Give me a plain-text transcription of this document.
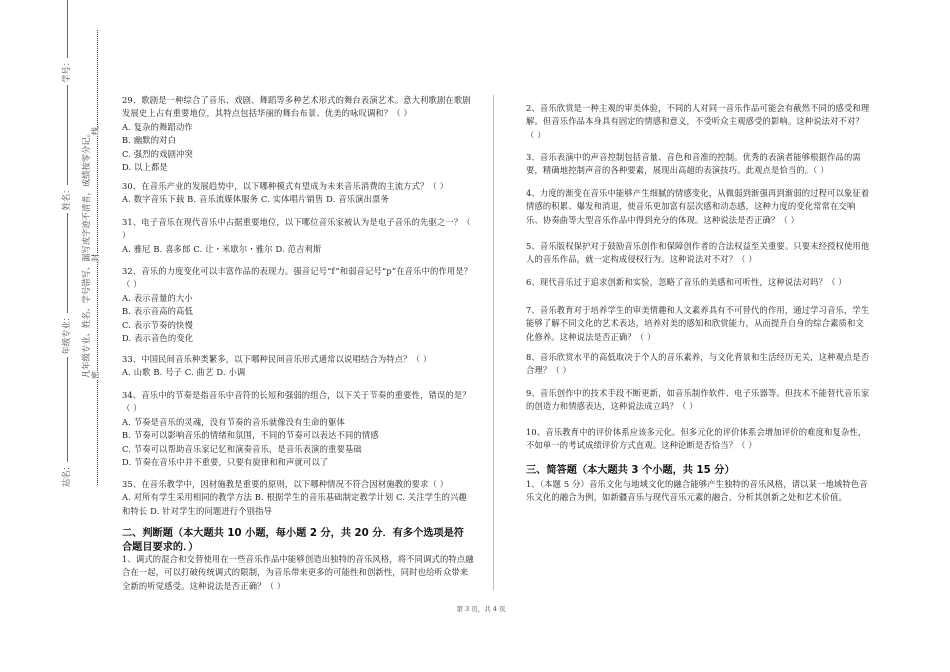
站名： 年级专业： 姓名： 学号：
凡年级专业、姓名、学号错写、漏写或字迹不清者，成绩按零分记。 密
封
线
29、歌剧是一种综合了音乐、戏剧、舞蹈等多种艺术形式的舞台表演艺术。意大利歌剧在歌剧发展史上占有重要地位，其特点包括华丽的舞台布景、优美的咏叹调和？（ ）
A. 复杂的舞蹈动作
B. 幽默的对白
C. 强烈的戏剧冲突
D. 以上都是
30、在音乐产业的发展趋势中，以下哪种模式有望成为未来音乐消费的主流方式？（ ）
A. 数字音乐下载 B. 音乐流媒体服务 C. 实体唱片销售 D. 音乐演出票务
31、电子音乐在现代音乐中占据重要地位，以下哪位音乐家被认为是电子音乐的先驱之一？（ ）
A. 雅尼 B. 喜多郎 C. 让・米歇尔・雅尔 D. 范吉利斯
32、音乐的力度变化可以丰富作品的表现力。强音记号“f”和弱音记号“p”在音乐中的作用是？（ ）
A. 表示音量的大小
B. 表示音高的高低
C. 表示节奏的快慢
D. 表示音色的变化
33、中国民间音乐种类繁多，以下哪种民间音乐形式通常以说唱结合为特点？（ ）
A. 山歌 B. 号子 C. 曲艺 D. 小调
34、音乐中的节奏是指音乐中音符的长短和强弱的组合，以下关于节奏的重要性，错误的是？（ ）
A. 节奏是音乐的灵魂，没有节奏的音乐就像没有生命的躯体
B. 节奏可以影响音乐的情绪和氛围，不同的节奏可以表达不同的情感
C. 节奏可以帮助音乐家记忆和演奏音乐，是音乐表演的重要基础
D. 节奏在音乐中并不重要，只要有旋律和和声就可以了
35、在音乐教学中，因材施教是重要的原则，以下哪种情况不符合因材施教的要求（ ）
A. 对所有学生采用相同的教学方法 B. 根据学生的音乐基础制定教学计划 C. 关注学生的兴趣和特长 D. 针对学生的问题进行个别指导
二、判断题（本大题共 10 小题，每小题 2 分，共 20 分．有多个选项是符合题目要求的．）
1、调式的混合和交替使用在一些音乐作品中能够创造出独特的音乐风格，将不同调式的特点融合在一起，可以打破传统调式的限制，为音乐带来更多的可能性和创新性，同时也给听众带来全新的听觉感受。这种说法是否正确？（ ）
2、音乐欣赏是一种主观的审美体验，不同的人对同一音乐作品可能会有截然不同的感受和理解。但音乐作品本身具有固定的情感和意义，不受听众主观感受的影响。这种说法对不对？（ ）
3、音乐表演中的声音控制包括音量、音色和音准的控制。优秀的表演者能够根据作品的需要，精确地控制声音的各种要素，展现出高超的表演技巧。此观点是恰当的。（ ）
4、力度的渐变在音乐中能够产生细腻的情感变化，从微弱到渐强再到渐弱的过程可以象征着情感的积累、爆发和消退，使音乐更加富有层次感和动态感，这种力度的变化常常在交响乐、协奏曲等大型音乐作品中得到充分的体现。这种说法是否正确？（ ）
5、音乐版权保护对于鼓励音乐创作和保障创作者的合法权益至关重要。只要未经授权使用他人的音乐作品，就一定构成侵权行为。这种说法对不对？（ ）
6、现代音乐过于追求创新和实验，忽略了音乐的美感和可听性，这种说法对吗？（ ）
7、音乐教育对于培养学生的审美情趣和人文素养具有不可替代的作用，通过学习音乐，学生能够了解不同文化的艺术表达，培养对美的感知和欣赏能力，从而提升自身的综合素质和文化修养。这种说法是否正确？（ ）
8、音乐欣赏水平的高低取决于个人的音乐素养，与文化背景和生活经历无关，这种观点是否合理？（ ）
9、音乐创作中的技术手段不断更新，如音乐制作软件、电子乐器等。但技术不能替代音乐家的创造力和情感表达，这种说法成立吗？（ ）
10、音乐教育中的评价体系应该多元化。但多元化的评价体系会增加评价的难度和复杂性，不如单一的考试成绩评价方式直观。这种论断是否恰当？（ ）
三、简答题（本大题共 3 个小题，共 15 分）
1、（本题 5 分）音乐文化与地域文化的融合能够产生独特的音乐风格，请以某一地域特色音乐文化的融合为例，如新疆音乐与现代音乐元素的融合，分析其创新之处和艺术价值。
第 3 页，共 4 页
